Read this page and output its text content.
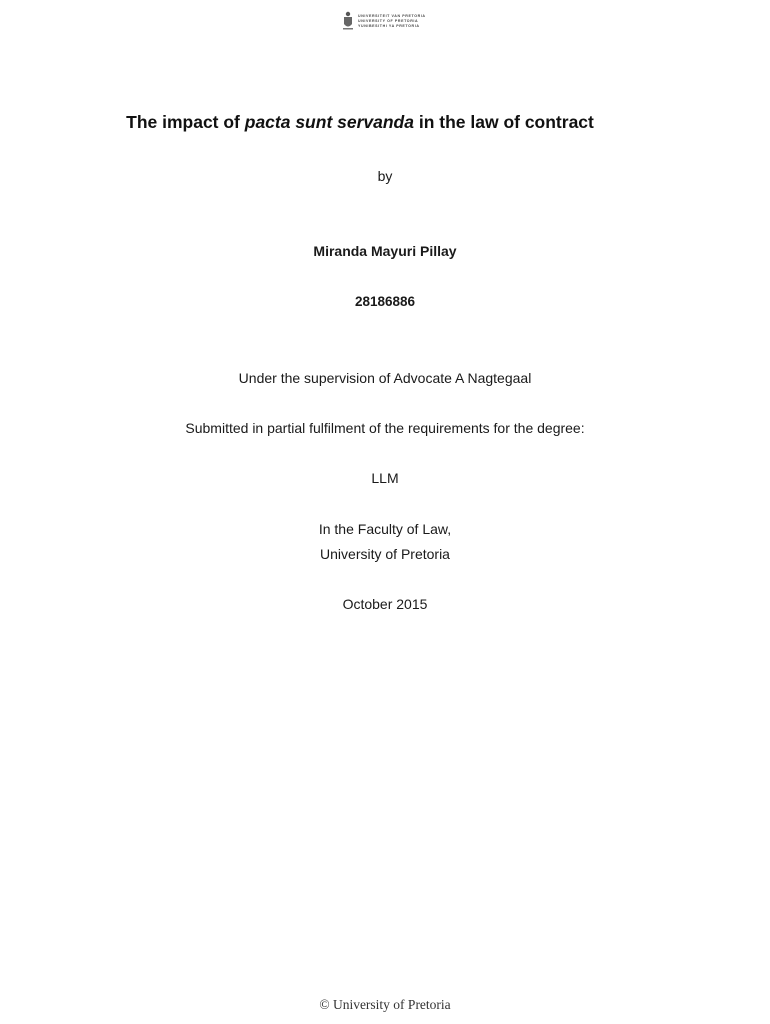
UNIVERSITEIT VAN PRETORIA
UNIVERSITY OF PRETORIA
YUNIBESITHI YA PRETORIA
The impact of pacta sunt servanda in the law of contract
by
Miranda Mayuri Pillay
28186886
Under the supervision of Advocate A Nagtegaal
Submitted in partial fulfilment of the requirements for the degree:
LLM
In the Faculty of Law,
University of Pretoria
October 2015
© University of Pretoria
